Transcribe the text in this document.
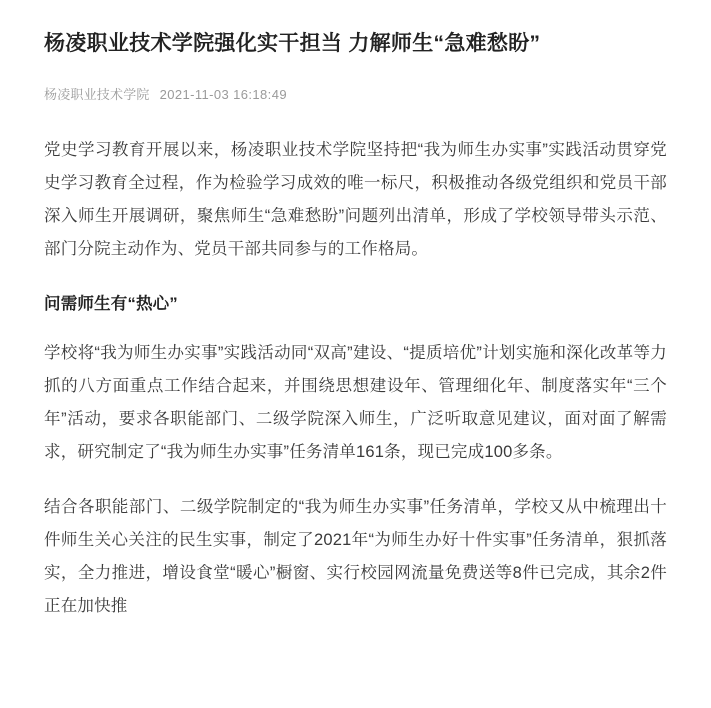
杨凌职业技术学院强化实干担当 力解师生“急难愁盼”
杨凌职业技术学院 2021-11-03 16:18:49

党史学习教育开展以来，杨凌职业技术学院坚持把“我为师生办实事”实践活动贯穿党史学习教育全过程，作为检验学习成效的唯一标尺，积极推动各级党组织和党员干部深入师生开展调研，聚焦师生“急难愁盼”问题列出清单，形成了学校领导带头示范、部门分院主动作为、党员干部共同参与的工作格局。

问需师生有“热心”

学校将“我为师生办实事”实践活动同“双高”建设、“提质培优”计划实施和深化改革等力抓的八方面重点工作结合起来，并围绕思想建设年、管理细化年、制度落实年“三个年”活动，要求各职能部门、二级学院深入师生，广泛听取意见建议，面对面了解需求，研究制定了“我为师生办实事”任务清单161条，现已完成100多条。

结合各职能部门、二级学院制定的“我为师生办实事”任务清单，学校又从中梳理出十件师生关心关注的民生实事，制定了2021年“为师生办好十件实事”任务清单，狠抓落实，全力推进，增设食堂“暖心”橱窗、实行校园网流量免费送等8件已完成，其余2件正在加快推
